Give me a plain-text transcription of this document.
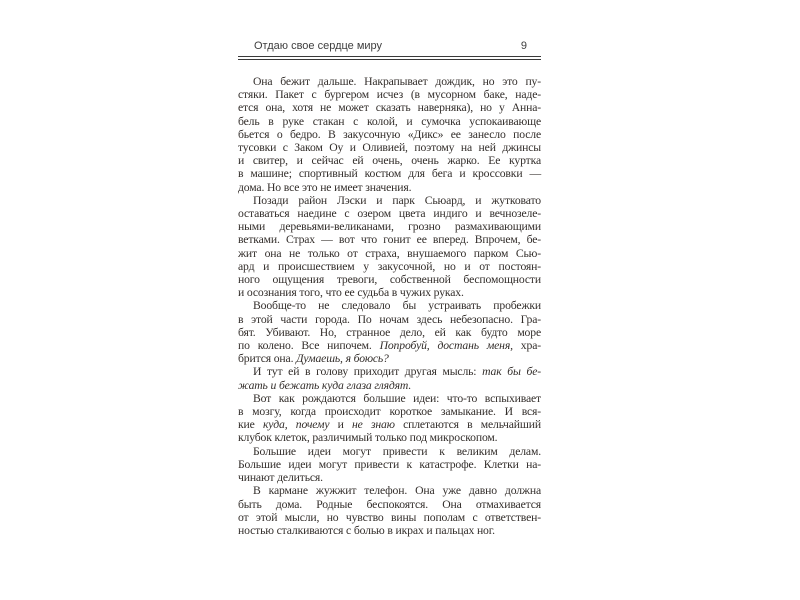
Отдаю свое сердце миру	9
Она бежит дальше. Накрапывает дождик, но это пу-
стяки. Пакет с бургером исчез (в мусорном баке, наде-
ется она, хотя не может сказать наверняка), но у Анна-
бель в руке стакан с колой, и сумочка успокаивающе
бьется о бедро. В закусочную «Дикс» ее занесло после
тусовки с Заком Оу и Оливией, поэтому на ней джинсы
и свитер, и сейчас ей очень, очень жарко. Ее куртка
в машине; спортивный костюм для бега и кроссовки —
дома. Но все это не имеет значения.
Позади район Лэски и парк Сьюард, и жутковато
оставаться наедине с озером цвета индиго и вечнозеле-
ными деревьями-великанами, грозно размахивающими
ветками. Страх — вот что гонит ее вперед. Впрочем, бе-
жит она не только от страха, внушаемого парком Сью-
ард и происшествием у закусочной, но и от постоян-
ного ощущения тревоги, собственной беспомощности
и осознания того, что ее судьба в чужих руках.
Вообще-то не следовало бы устраивать пробежки
в этой части города. По ночам здесь небезопасно. Гра-
бят. Убивают. Но, странное дело, ей как будто море
по колено. Все нипочем. Попробуй, достань меня, хра-
брится она. Думаешь, я боюсь?
И тут ей в голову приходит другая мысль: так бы бе-
жать и бежать куда глаза глядят.
Вот как рождаются большие идеи: что-то вспыхивает
в мозгу, когда происходит короткое замыкание. И вся-
кие куда, почему и не знаю сплетаются в мельчайший
клубок клеток, различимый только под микроскопом.
Большие идеи могут привести к великим делам.
Большие идеи могут привести к катастрофе. Клетки на-
чинают делиться.
В кармане жужжит телефон. Она уже давно должна
быть дома. Родные беспокоятся. Она отмахивается
от этой мысли, но чувство вины пополам с ответствен-
ностью сталкиваются с болью в икрах и пальцах ног.
